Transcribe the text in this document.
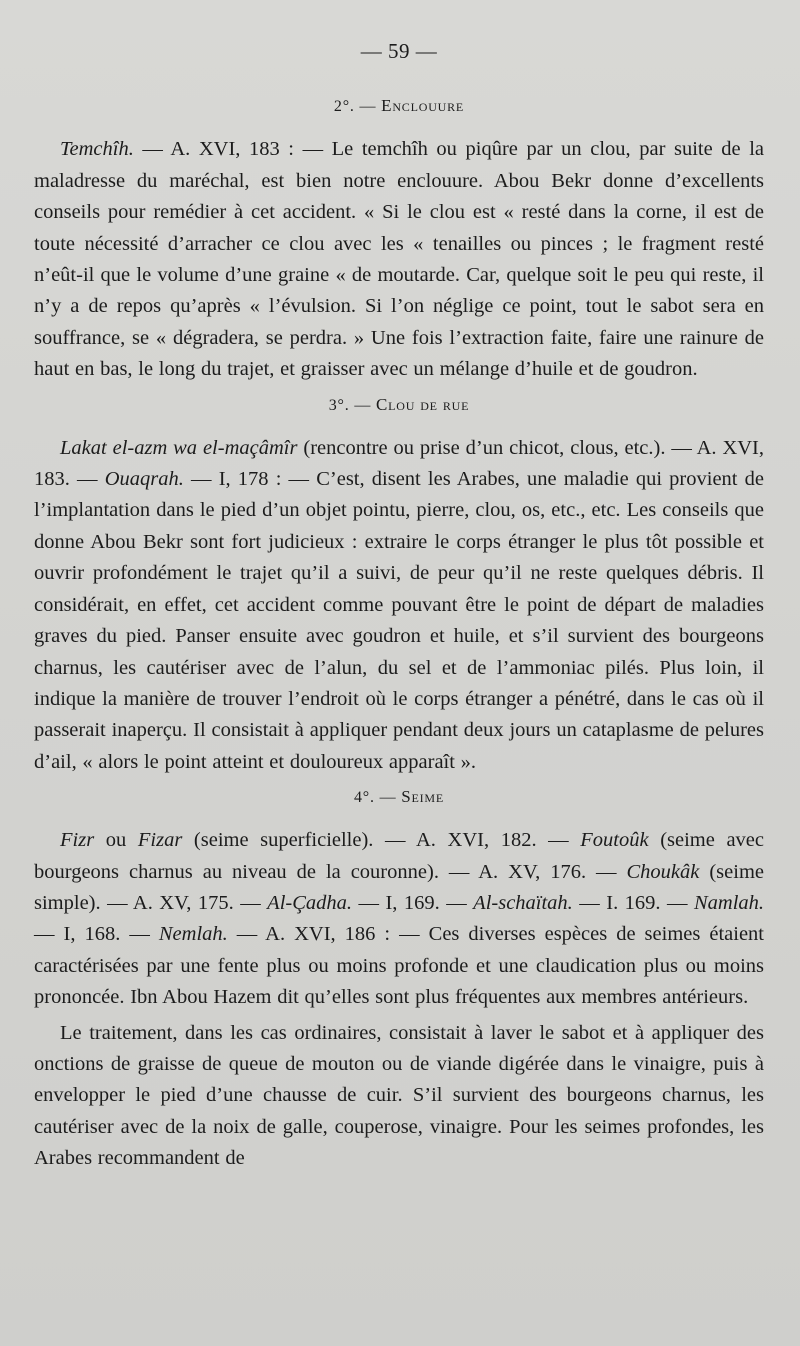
— 59 —
2°. — Enclouure

Temchîh. — A. XVI, 183 : — Le temchîh ou piqûre par un clou, par suite de la maladresse du maréchal, est bien notre enclouure. Abou Bekr donne d’excellents conseils pour remédier à cet accident. « Si le clou est « resté dans la corne, il est de toute nécessité d’arracher ce clou avec les « tenailles ou pinces ; le fragment resté n’eût-il que le volume d’une graine « de moutarde. Car, quelque soit le peu qui reste, il n’y a de repos qu’après « l’évulsion. Si l’on néglige ce point, tout le sabot sera en souffrance, se « dégradera, se perdra. » Une fois l’extraction faite, faire une rainure de haut en bas, le long du trajet, et graisser avec un mélange d’huile et de goudron.

3°. — Clou de rue

Lakat el-azm wa el-maçâmîr (rencontre ou prise d’un chicot, clous, etc.). — A. XVI, 183. — Ouaqrah. — I, 178 : — C’est, disent les Arabes, une maladie qui provient de l’implantation dans le pied d’un objet pointu, pierre, clou, os, etc., etc. Les conseils que donne Abou Bekr sont fort judicieux : extraire le corps étranger le plus tôt possible et ouvrir profondément le trajet qu’il a suivi, de peur qu’il ne reste quelques débris. Il considérait, en effet, cet accident comme pouvant être le point de départ de maladies graves du pied. Panser ensuite avec goudron et huile, et s’il survient des bourgeons charnus, les cautériser avec de l’alun, du sel et de l’ammoniac pilés. Plus loin, il indique la manière de trouver l’endroit où le corps étranger a pénétré, dans le cas où il passerait inaperçu. Il consistait à appliquer pendant deux jours un cataplasme de pelures d’ail, « alors le point atteint et douloureux apparaît ».

4°. — Seime

Fizr ou Fizar (seime superficielle). — A. XVI, 182. — Foutoûk (seime avec bourgeons charnus au niveau de la couronne). — A. XV, 176. — Choukâk (seime simple). — A. XV, 175. — Al-Çadha. — I, 169. — Al-schaïtah. — I. 169. — Namlah. — I, 168. — Nemlah. — A. XVI, 186 : — Ces diverses espèces de seimes étaient caractérisées par une fente plus ou moins profonde et une claudication plus ou moins prononcée. Ibn Abou Hazem dit qu’elles sont plus fréquentes aux membres antérieurs.

Le traitement, dans les cas ordinaires, consistait à laver le sabot et à appliquer des onctions de graisse de queue de mouton ou de viande digérée dans le vinaigre, puis à envelopper le pied d’une chausse de cuir. S’il survient des bourgeons charnus, les cautériser avec de la noix de galle, couperose, vinaigre. Pour les seimes profondes, les Arabes recommandent de
